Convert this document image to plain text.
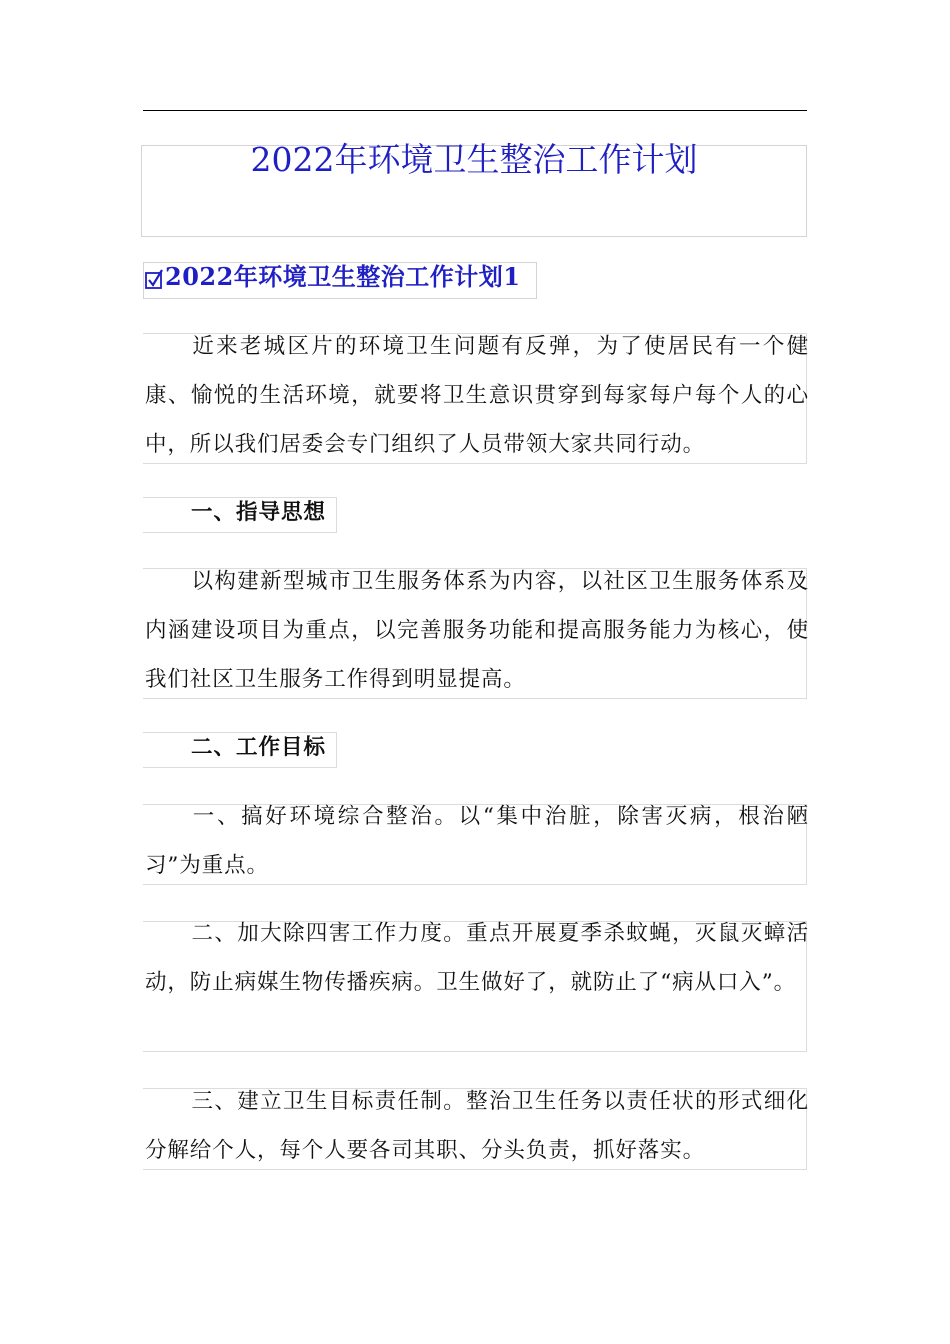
2022年环境卫生整治工作计划
2022年环境卫生整治工作计划1

近来老城区片的环境卫生问题有反弹，为了使居民有一个健康、愉悦的生活环境，就要将卫生意识贯穿到每家每户每个人的心中，所以我们居委会专门组织了人员带领大家共同行动。

一、指导思想

以构建新型城市卫生服务体系为内容，以社区卫生服务体系及内涵建设项目为重点，以完善服务功能和提高服务能力为核心，使我们社区卫生服务工作得到明显提高。

二、工作目标

一、搞好环境综合整治。以“集中治脏，除害灭病，根治陋习”为重点。

二、加大除四害工作力度。重点开展夏季杀蚊蝇，灭鼠灭蟑活动，防止病媒生物传播疾病。卫生做好了，就防止了“病从口入”。

三、建立卫生目标责任制。整治卫生任务以责任状的形式细化分解给个人，每个人要各司其职、分头负责，抓好落实。
